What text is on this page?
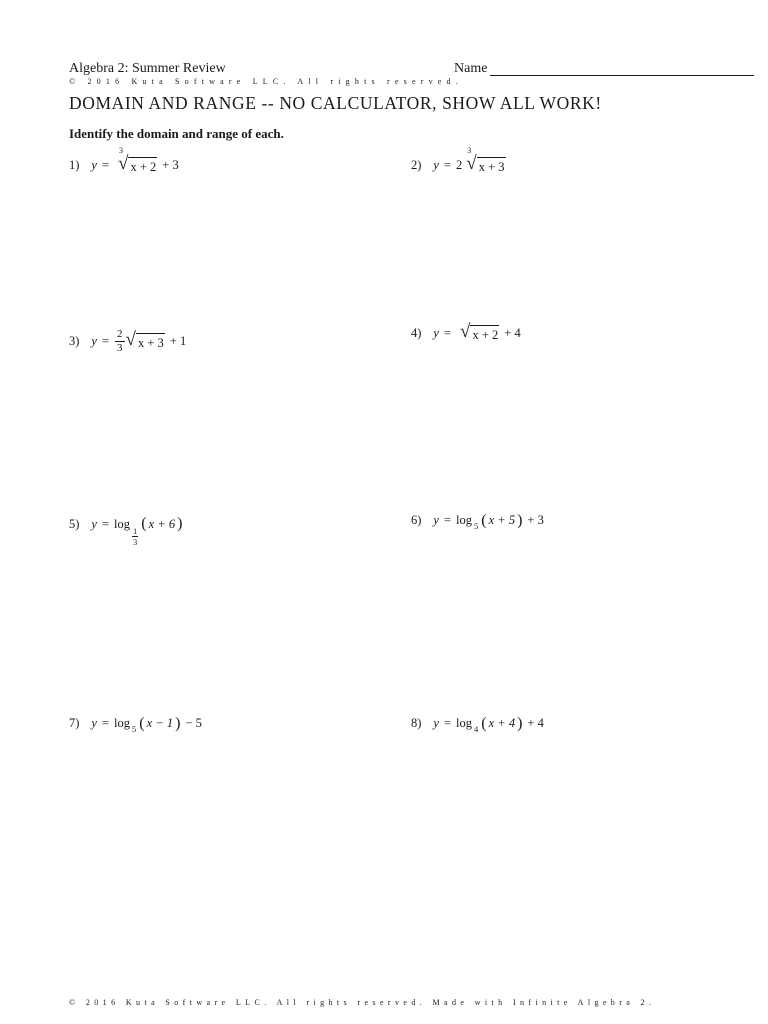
Algebra 2: Summer Review	Name
© 2016 Kuta Software LLC. All rights reserved.
DOMAIN AND RANGE -- NO CALCULATOR, SHOW ALL WORK!
Identify the domain and range of each.
1) y =
3
√ x + 2 + 3	2) y = 2
3
√ x + 3
3) $y = \frac{2}{3}$ √ x + 3 + 1
4) y = √ x + 2 + 4
5) y = log
1
3
( x + 6 )	6) y = log 5 ( x + 5 ) + 3
7) y = log 5 ( x − 1 ) − 5	8) y = log 4 ( x + 4 ) + 4
© 2016 Kuta Software LLC. All rights reserved. Made with Infinite Algebra 2.
